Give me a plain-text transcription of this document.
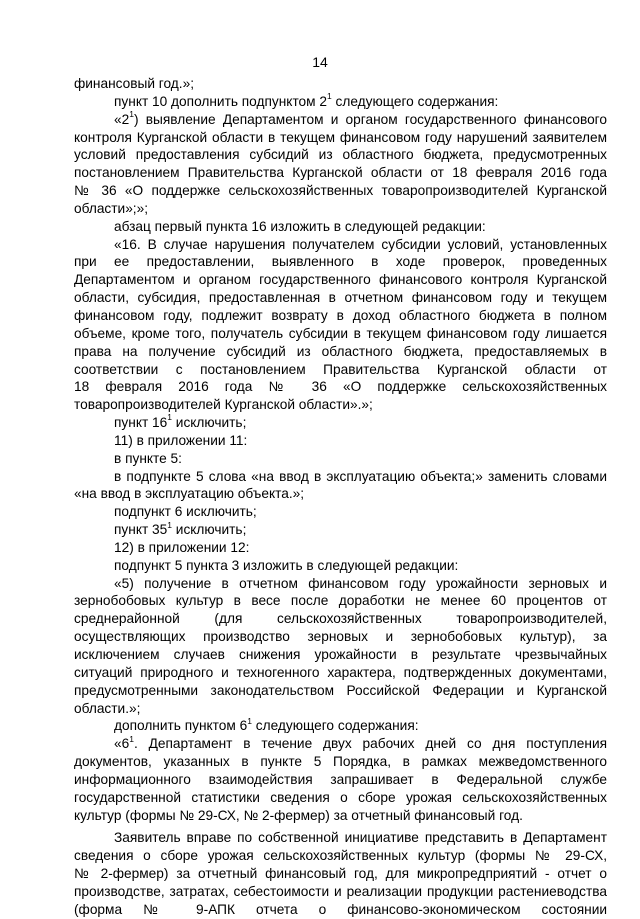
14
финансовый год.»;
пункт 10 дополнить подпунктом $2^1$ следующего содержания:
«$2^1$) выявление Департаментом и органом государственного финансового
контроля Курганской области в текущем финансовом году нарушений заявителем
условий предоставления субсидий из областного бюджета, предусмотренных
постановлением Правительства Курганской области от 18 февраля 2016 года
№ 36 «О поддержке сельскохозяйственных товаропроизводителей Курганской
области»;»;
абзац первый пункта 16 изложить в следующей редакции:
«16. В случае нарушения получателем субсидии условий, установленных
при ее предоставлении, выявленного в ходе проверок, проведенных
Департаментом и органом государственного финансового контроля Курганской
области, субсидия, предоставленная в отчетном финансовом году и текущем
финансовом году, подлежит возврату в доход областного бюджета в полном
объеме, кроме того, получатель субсидии в текущем финансовом году лишается
права на получение субсидий из областного бюджета, предоставляемых в
соответствии с постановлением Правительства Курганской области от
18 февраля 2016 года № 36 «О поддержке сельскохозяйственных
товаропроизводителей Курганской области».»;
пункт $16^1$ исключить;
11) в приложении 11:
в пункте 5:
в подпункте 5 слова «на ввод в эксплуатацию объекта;» заменить словами
«на ввод в эксплуатацию объекта.»;
подпункт 6 исключить;
пункт $35^1$ исключить;
12) в приложении 12:
подпункт 5 пункта 3 изложить в следующей редакции:
«5) получение в отчетном финансовом году урожайности зерновых и
зернобобовых культур в весе после доработки не менее 60 процентов от
среднерайонной (для сельскохозяйственных товаропроизводителей,
осуществляющих производство зерновых и зернобобовых культур), за
исключением случаев снижения урожайности в результате чрезвычайных
ситуаций природного и техногенного характера, подтвержденных документами,
предусмотренными законодательством Российской Федерации и Курганской
области.»;
дополнить пунктом $6^1$ следующего содержания:
«$6^1$. Департамент в течение двух рабочих дней со дня поступления
документов, указанных в пункте 5 Порядка, в рамках межведомственного
информационного взаимодействия запрашивает в Федеральной службе
государственной статистики сведения о сборе урожая сельскохозяйственных
культур (формы № 29-СХ, № 2-фермер) за отчетный финансовый год.
Заявитель вправе по собственной инициативе представить в Департамент
сведения о сборе урожая сельскохозяйственных культур (формы № 29-СХ,
№ 2-фермер) за отчетный финансовый год, для микропредприятий - отчет о
производстве, затратах, себестоимости и реализации продукции растениеводства
(форма № 9-АПК отчета о финансово-экономическом состоянии
